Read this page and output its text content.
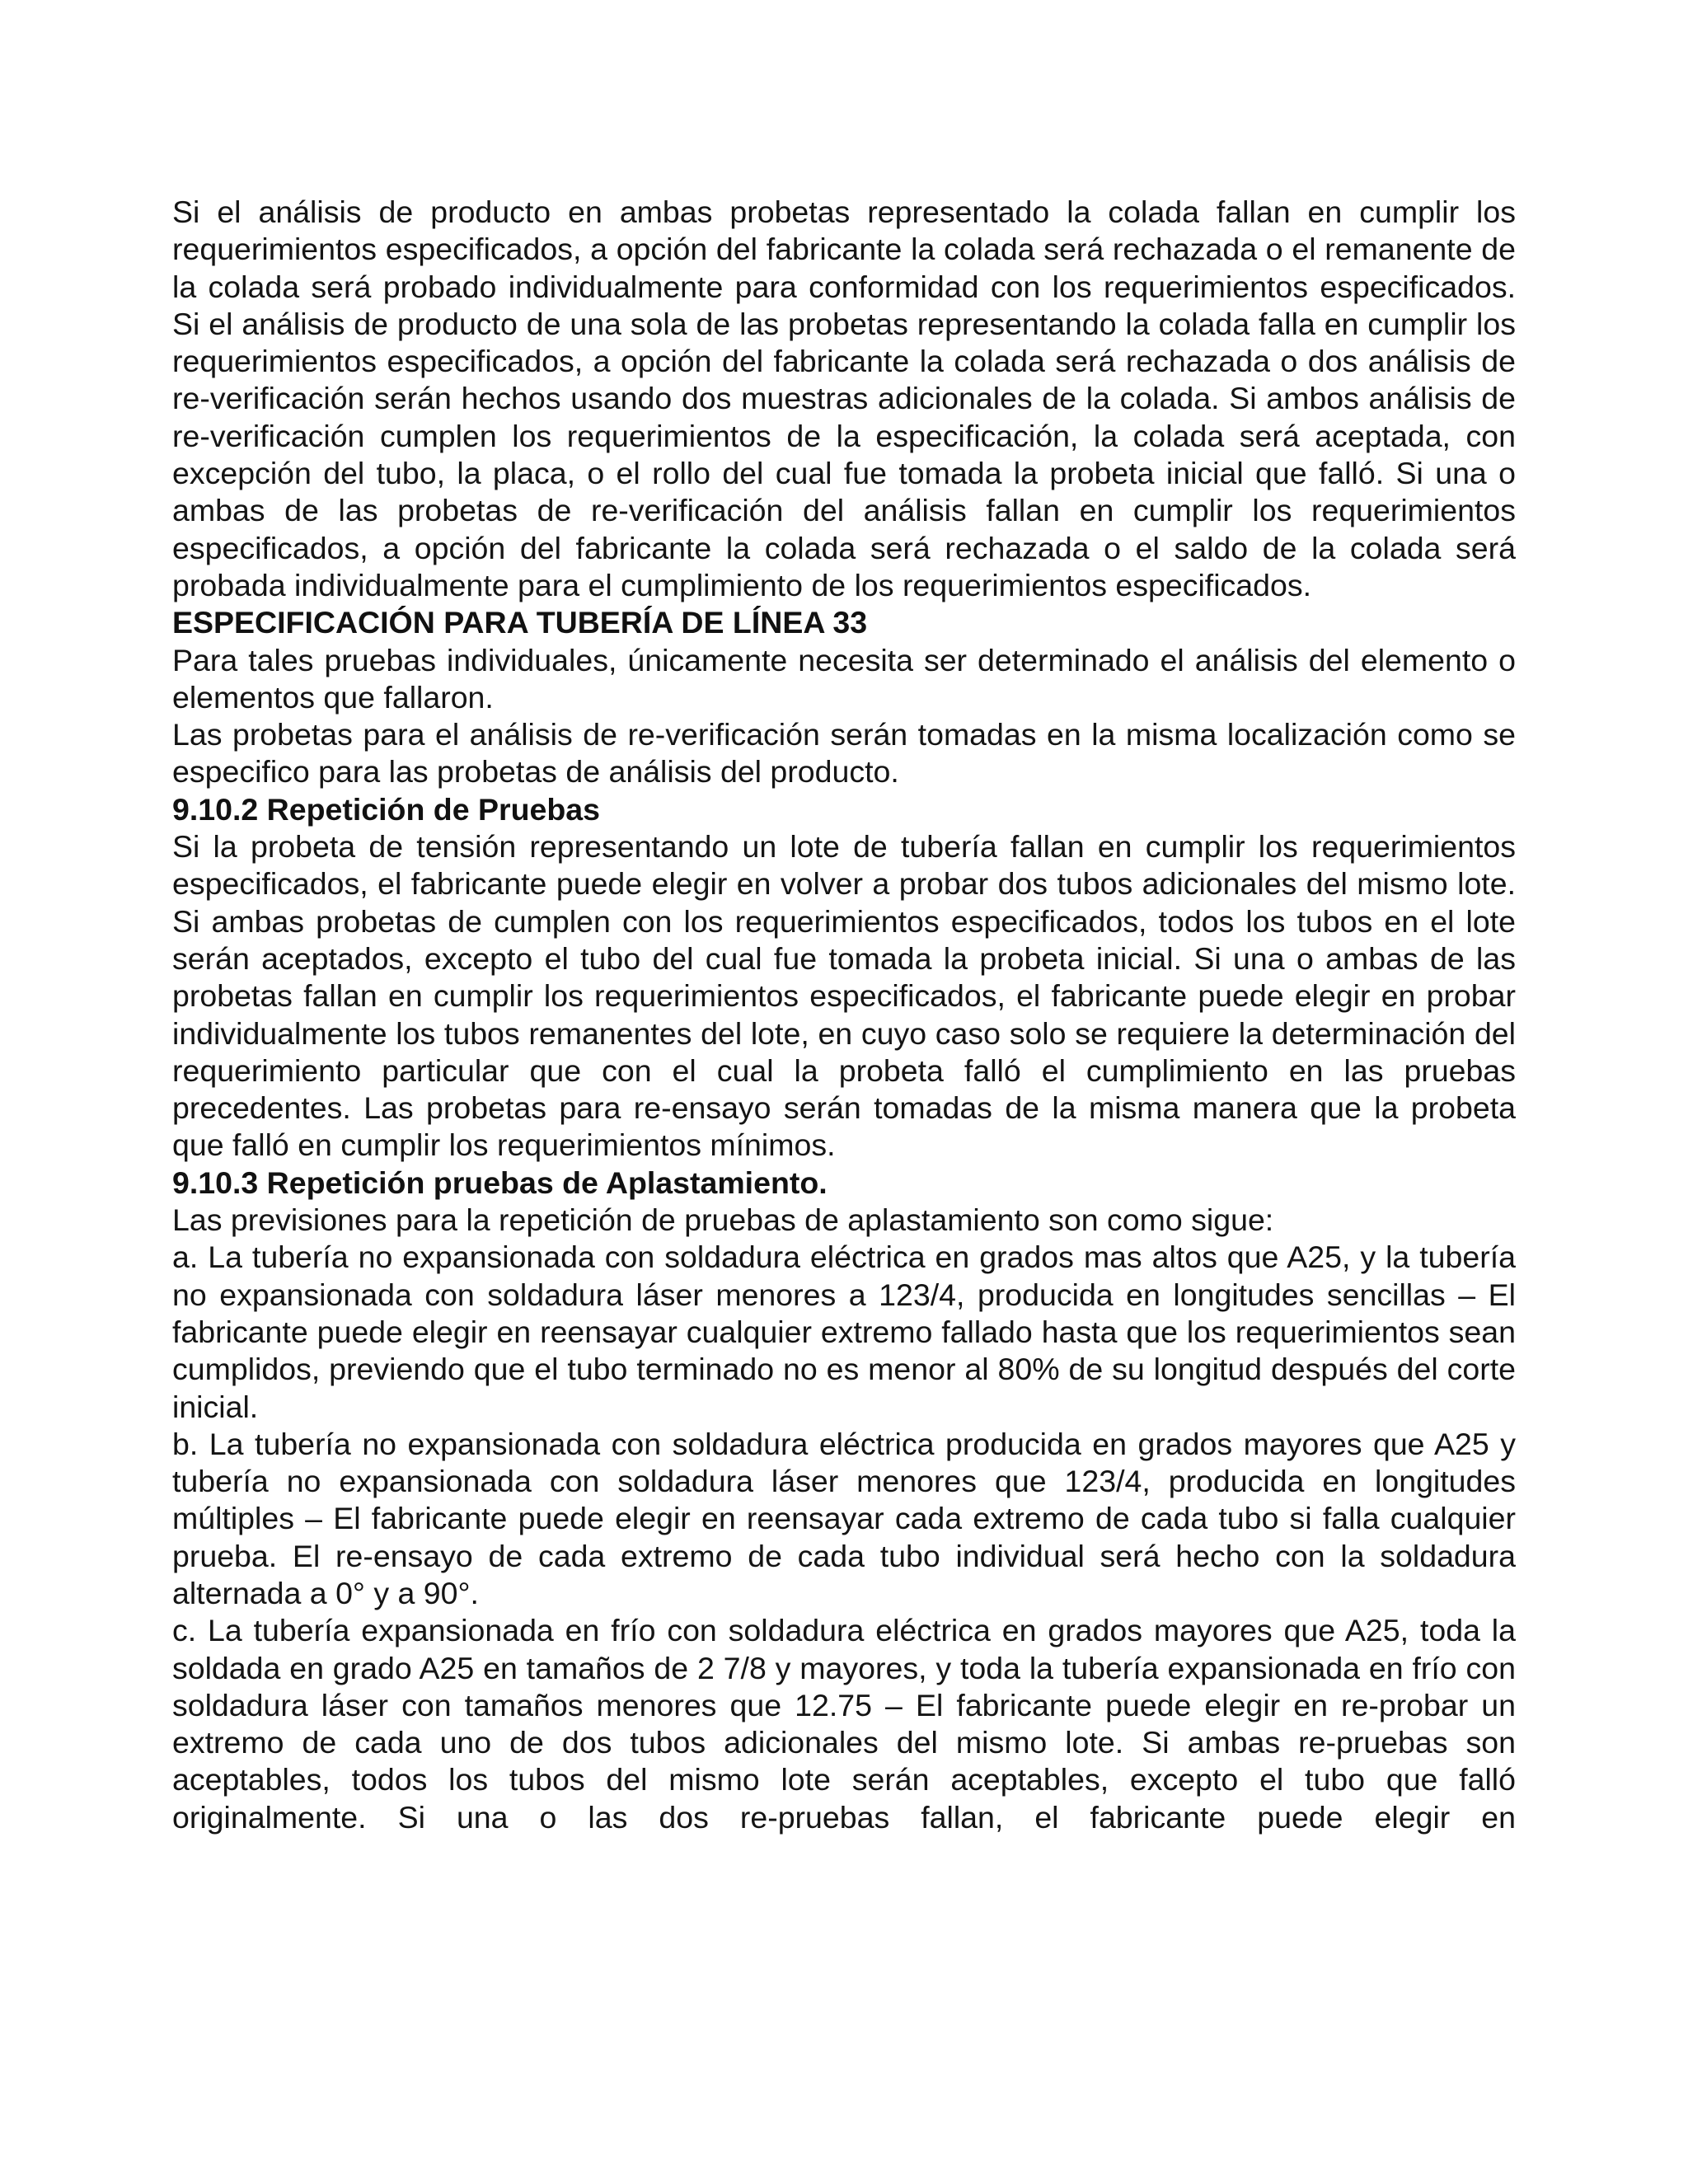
Si el análisis de producto en ambas probetas representado la colada fallan en cumplir los requerimientos especificados, a opción del fabricante la colada será rechazada o el remanente de la colada será probado individualmente para conformidad con los requerimientos especificados. Si el análisis de producto de una sola de las probetas representando la colada falla en cumplir los requerimientos especificados, a opción del fabricante la colada será rechazada o dos análisis de re-verificación serán hechos usando dos muestras adicionales de la colada. Si ambos análisis de re-verificación cumplen los requerimientos de la especificación, la colada será aceptada, con excepción del tubo, la placa, o el rollo del cual fue tomada la probeta inicial que falló. Si una o ambas de las probetas de re-verificación del análisis fallan en cumplir los requerimientos especificados, a opción del fabricante la colada será rechazada o el saldo de la colada será probada individualmente para el cumplimiento de los requerimientos especificados.

ESPECIFICACIÓN PARA TUBERÍA DE LÍNEA 33

Para tales pruebas individuales, únicamente necesita ser determinado el análisis del elemento o elementos que fallaron.

Las probetas para el análisis de re-verificación serán tomadas en la misma localización como se especifico para las probetas de análisis del producto.

9.10.2 Repetición de Pruebas

Si la probeta de tensión representando un lote de tubería fallan en cumplir los requerimientos especificados, el fabricante puede elegir en volver a probar dos tubos adicionales del mismo lote. Si ambas probetas de cumplen con los requerimientos especificados, todos los tubos en el lote serán aceptados, excepto el tubo del cual fue tomada la probeta inicial. Si una o ambas de las probetas fallan en cumplir los requerimientos especificados, el fabricante puede elegir en probar individualmente los tubos remanentes del lote, en cuyo caso solo se requiere la determinación del requerimiento particular que con el cual la probeta falló el cumplimiento en las pruebas precedentes. Las probetas para re-ensayo serán tomadas de la misma manera que la probeta que falló en cumplir los requerimientos mínimos.

9.10.3 Repetición pruebas de Aplastamiento.

Las previsiones para la repetición de pruebas de aplastamiento son como sigue:

a. La tubería no expansionada con soldadura eléctrica en grados mas altos que A25, y la tubería no expansionada con soldadura láser menores a 123/4, producida en longitudes sencillas – El fabricante puede elegir en reensayar cualquier extremo fallado hasta que los requerimientos sean cumplidos, previendo que el tubo terminado no es menor al 80% de su longitud después del corte inicial.

b. La tubería no expansionada con soldadura eléctrica producida en grados mayores que A25 y tubería no expansionada con soldadura láser menores que 123/4, producida en longitudes múltiples – El fabricante puede elegir en reensayar cada extremo de cada tubo si falla cualquier prueba. El re-ensayo de cada extremo de cada tubo individual será hecho con la soldadura alternada a 0° y a 90°.

c. La tubería expansionada en frío con soldadura eléctrica en grados mayores que A25, toda la soldada en grado A25 en tamaños de 2 7/8 y mayores, y toda la tubería expansionada en frío con soldadura láser con tamaños menores que 12.75 – El fabricante puede elegir en re-probar un extremo de cada uno de dos tubos adicionales del mismo lote. Si ambas re-pruebas son aceptables, todos los tubos del mismo lote serán aceptables, excepto el tubo que falló originalmente. Si una o las dos re-pruebas fallan, el fabricante puede elegir en
